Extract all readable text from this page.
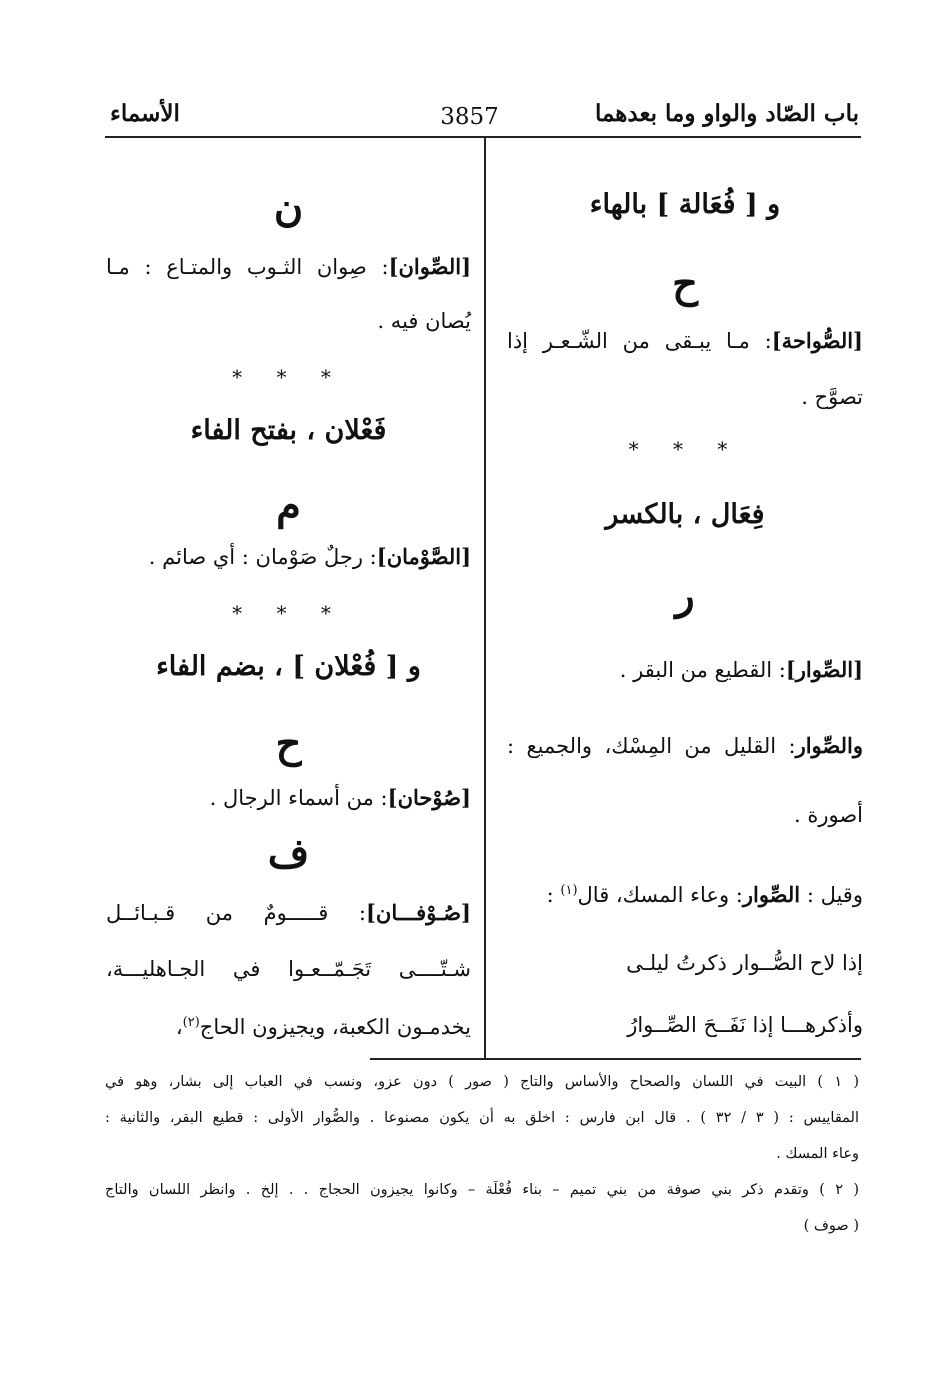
باب الصّاد والواو وما بعدهما
3857
الأسماء
و [ فُعَالة ] بالهاء
ح
[الصُّواحة]: مـا يبـقى من الشّـعـر إذا
تصوَّح .
* * *
فِعَال ، بالكسر
ر
[الصِّوار]: القطيع من البقر .
والصِّوار: القليل من المِسْك، والجميع :
أصورة .
وقيل : الصِّوار: وعاء المسك، قال$^{(١)}$ :
إذا لاح الصُّــوار ذكرتُ ليلـى
وأذكرهـــا إذا نَفَــحَ الصِّــوارُ
ن
[الصِّوان]: صِوان الثـوب والمتـاع : مـا
يُصان فيه .
* * *
فَعْلان ، بفتح الفاء
م
[الصَّوْمان]: رجلٌ صَوْمان : أي صائم .
* * *
و [ فُعْلان ] ، بضم الفاء
ح
[صُوْحان]: من أسماء الرجال .
ف
[صُـوْفـــان]: قـــــومٌ من قـبـائــل
شـتّــــى تَجَـمّــعـوا في الجـاهليـــة،
يخدمـون الكعبة، ويجيزون الحاج$^{(٢)}$،
( ١ ) البيت في اللسان والصحاح والأساس والتاج ( صور ) دون عزو، ونسب في العباب إلى بشار، وهو في
المقاييس : ( ٣ / ٣٢ ) . قال ابن فارس : اخلق به أن يكون مصنوعا . والصُّوار الأولى : قطيع البقر، والثانية :
وعاء المسك .
( ٢ ) وتقدم ذكر بني صوفة من بني تميم – بناء فُعْلَة – وكانوا يجيزون الحجاج . . إلخ . وانظر اللسان والتاج
( صوف )
